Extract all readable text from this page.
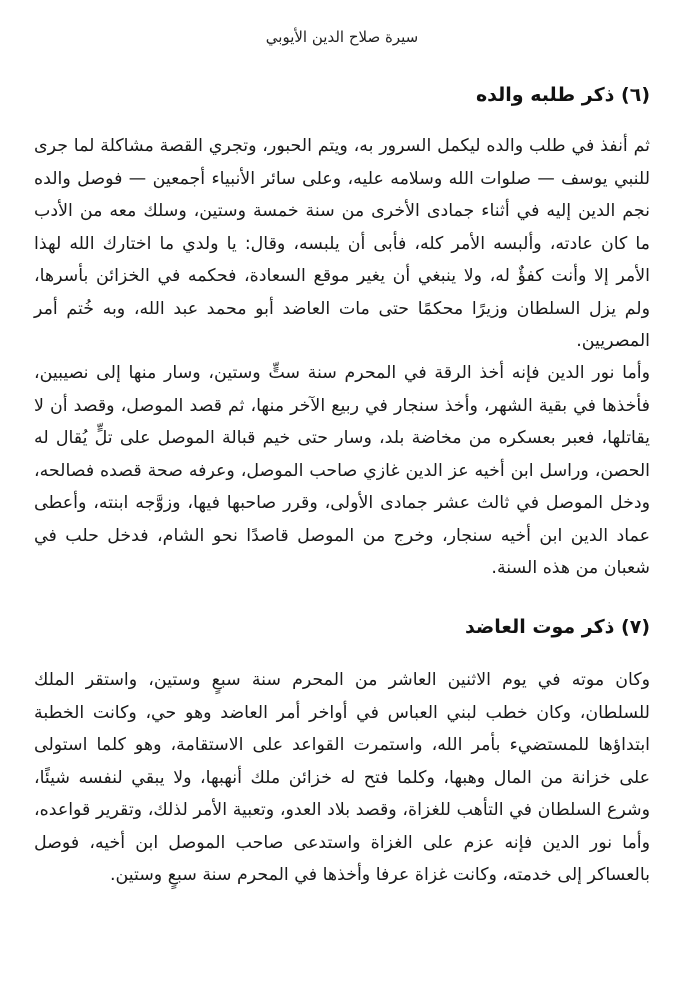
سيرة صلاح الدين الأيوبي
(٦) ذكر طلبه والده

ثم أنفذ في طلب والده ليكمل السرور به، ويتم الحبور، وتجري القصة مشاكلة لما جرى للنبي يوسف — صلوات الله وسلامه عليه، وعلى سائر الأنبياء أجمعين — فوصل والده نجم الدين إليه في أثناء جمادى الأخرى من سنة خمسة وستين، وسلك معه من الأدب ما كان عادته، وألبسه الأمر كله، فأبى أن يلبسه، وقال: يا ولدي ما اختارك الله لهذا الأمر إلا وأنت كفؤٌ له، ولا ينبغي أن يغير موقع السعادة، فحكمه في الخزائن بأسرها، ولم يزل السلطان وزيرًا محكمًا حتى مات العاضد أبو محمد عبد الله، وبه خُتم أمر المصريين.

وأما نور الدين فإنه أخذ الرقة في المحرم سنة ستٍّ وستين، وسار منها إلى نصيبين، فأخذها في بقية الشهر، وأخذ سنجار في ربيع الآخر منها، ثم قصد الموصل، وقصد أن لا يقاتلها، فعبر بعسكره من مخاضة بلد، وسار حتى خيم قبالة الموصل على تلٍّ يُقال له الحصن، وراسل ابن أخيه عز الدين غازي صاحب الموصل، وعرفه صحة قصده فصالحه، ودخل الموصل في ثالث عشر جمادى الأولى، وقرر صاحبها فيها، وزوَّجه ابنته، وأعطى عماد الدين ابن أخيه سنجار، وخرج من الموصل قاصدًا نحو الشام، فدخل حلب في شعبان من هذه السنة.

(٧) ذكر موت العاضد

وكان موته في يوم الاثنين العاشر من المحرم سنة سبعٍ وستين، واستقر الملك للسلطان، وكان خطب لبني العباس في أواخر أمر العاضد وهو حي، وكانت الخطبة ابتداؤها للمستضيء بأمر الله، واستمرت القواعد على الاستقامة، وهو كلما استولى على خزانة من المال وهبها، وكلما فتح له خزائن ملك أنهبها، ولا يبقي لنفسه شيئًا، وشرع السلطان في التأهب للغزاة، وقصد بلاد العدو، وتعبية الأمر لذلك، وتقرير قواعده، وأما نور الدين فإنه عزم على الغزاة واستدعى صاحب الموصل ابن أخيه، فوصل بالعساكر إلى خدمته، وكانت غزاة عرفا وأخذها في المحرم سنة سبعٍ وستين.
